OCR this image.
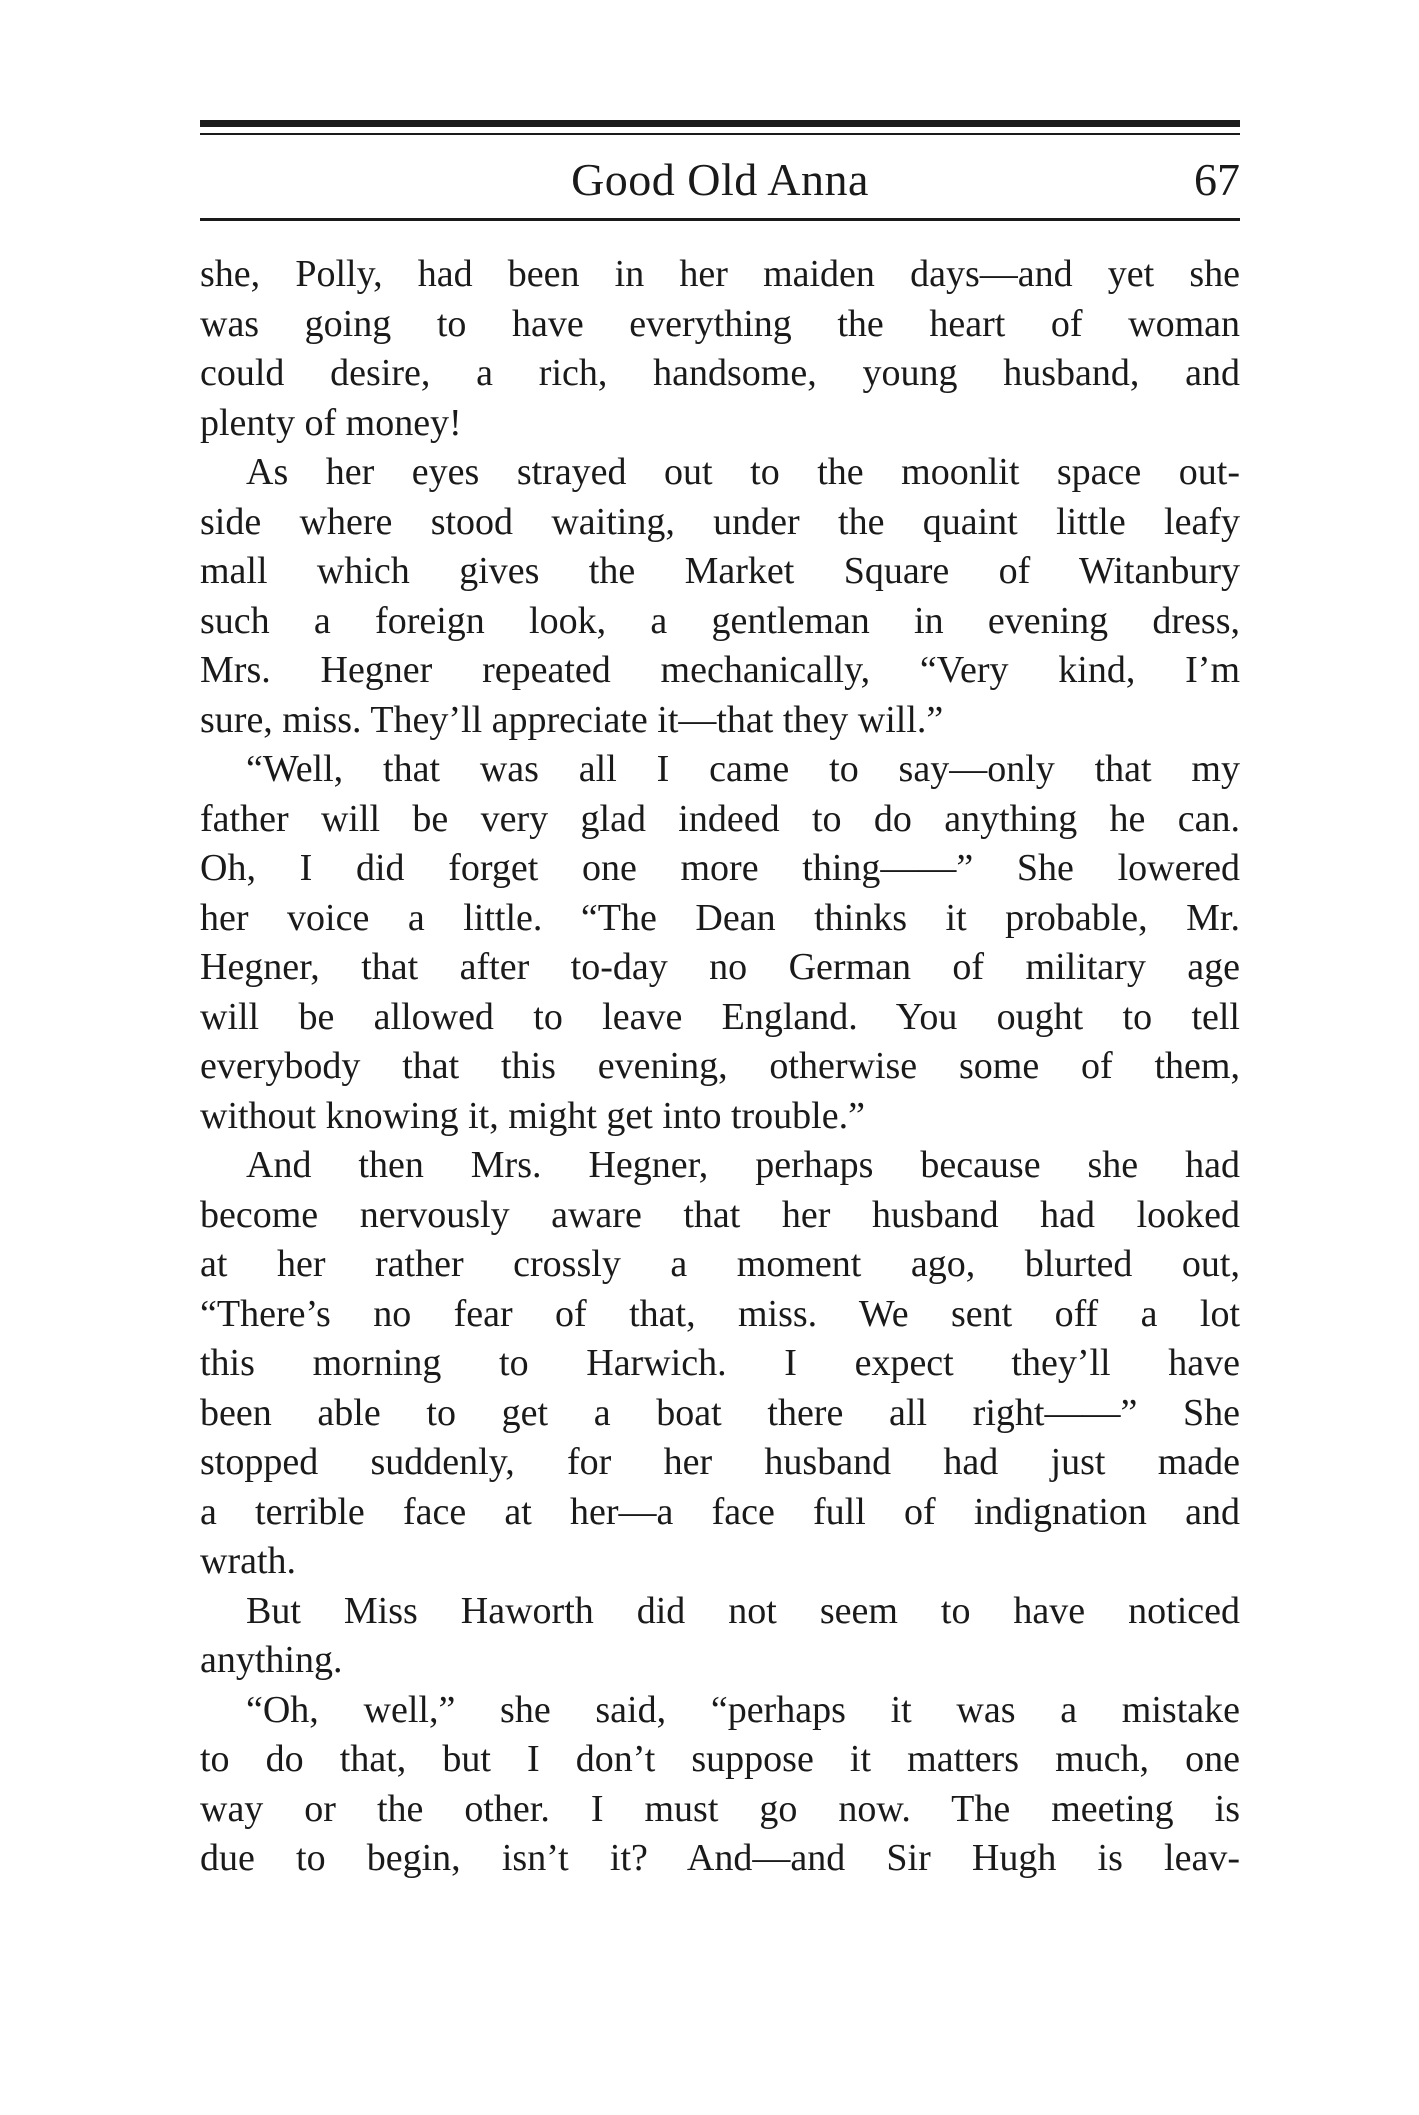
Good Old Anna	67
she, Polly, had been in her maiden days—and yet she
was going to have everything the heart of woman
could desire, a rich, handsome, young husband, and
plenty of money!
As her eyes strayed out to the moonlit space out-
side where stood waiting, under the quaint little leafy
mall which gives the Market Square of Witanbury
such a foreign look, a gentleman in evening dress,
Mrs. Hegner repeated mechanically, “Very kind, I’m
sure, miss. They’ll appreciate it—that they will.”
“Well, that was all I came to say—only that my
father will be very glad indeed to do anything he can.
Oh, I did forget one more thing——” She lowered
her voice a little. “The Dean thinks it probable, Mr.
Hegner, that after to-day no German of military age
will be allowed to leave England. You ought to tell
everybody that this evening, otherwise some of them,
without knowing it, might get into trouble.”
And then Mrs. Hegner, perhaps because she had
become nervously aware that her husband had looked
at her rather crossly a moment ago, blurted out,
“There’s no fear of that, miss. We sent off a lot
this morning to Harwich. I expect they’ll have
been able to get a boat there all right——” She
stopped suddenly, for her husband had just made
a terrible face at her—a face full of indignation and
wrath.
But Miss Haworth did not seem to have noticed
anything.
“Oh, well,” she said, “perhaps it was a mistake
to do that, but I don’t suppose it matters much, one
way or the other. I must go now. The meeting is
due to begin, isn’t it? And—and Sir Hugh is leav-
